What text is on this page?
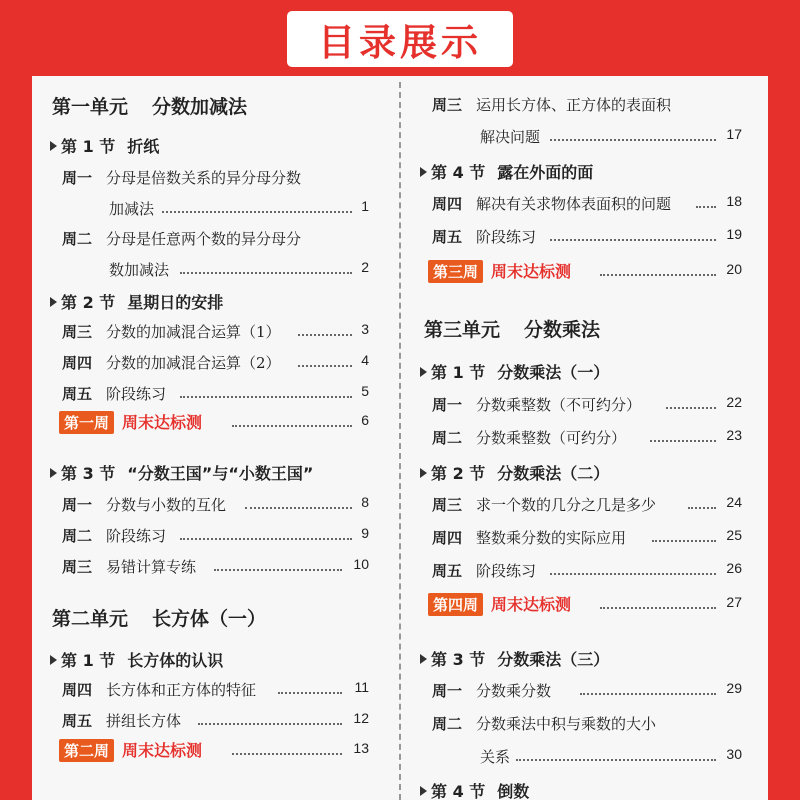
目录展示
第一单元 分数加减法
第 1 节 折纸
周一 分母是倍数关系的异分母分数
加减法	1
周二 分母是任意两个数的异分母分
数加减法	2
第 2 节 星期日的安排
周三 分数的加减混合运算（1）	3
周四 分数的加减混合运算（2）	4
周五 阶段练习	5
第一周 周末达标测	6
第 3 节 “分数王国”与“小数王国”
周一 分数与小数的互化	8
周二 阶段练习	9
周三 易错计算专练	10
第二单元 长方体（一）
第 1 节 长方体的认识
周四 长方体和正方体的特征	11
周五 拼组长方体	12
第二周 周末达标测	13
周三 运用长方体、正方体的表面积
解决问题	17
第 4 节 露在外面的面
周四 解决有关求物体表面积的问题	18
周五 阶段练习	19
第三周 周末达标测	20
第三单元 分数乘法
第 1 节 分数乘法（一）
周一 分数乘整数（不可约分）	22
周二 分数乘整数（可约分）	23
第 2 节 分数乘法（二）
周三 求一个数的几分之几是多少	24
周四 整数乘分数的实际应用	25
周五 阶段练习	26
第四周 周末达标测	27
第 3 节 分数乘法（三）
周一 分数乘分数	29
周二 分数乘法中积与乘数的大小
关系	30
第 4 节 倒数
